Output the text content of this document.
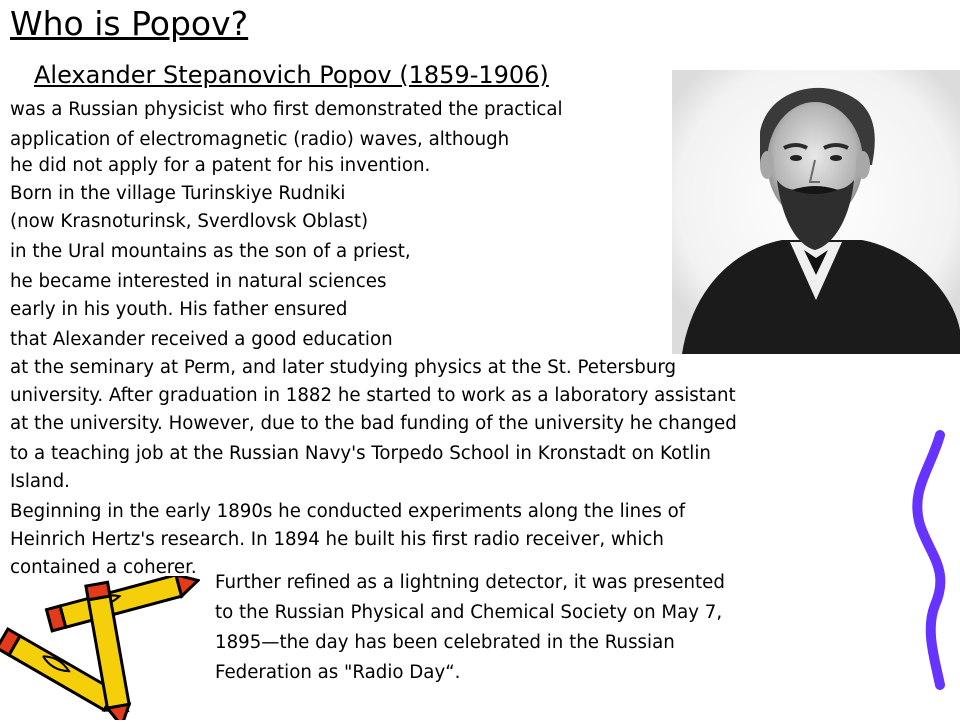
Who is Popov?
Alexander Stepanovich Popov (1859-1906)
was a Russian physicist who first demonstrated the practical
application of electromagnetic (radio) waves, although
he did not apply for a patent for his invention.
Born in the village Turinskiye Rudniki
(now Krasnoturinsk, Sverdlovsk Oblast)
in the Ural mountains as the son of a priest,
he became interested in natural sciences
early in his youth. His father ensured
that Alexander received a good education
at the seminary at Perm, and later studying physics at the St. Petersburg
university. After graduation in 1882 he started to work as a laboratory assistant
at the university. However, due to the bad funding of the university he changed
to a teaching job at the Russian Navy's Torpedo School in Kronstadt on Kotlin
Island.
Beginning in the early 1890s he conducted experiments along the lines of
Heinrich Hertz's research. In 1894 he built his first radio receiver, which
contained a coherer.
Further refined as a lightning detector, it was presented
to the Russian Physical and Chemical Society on May 7,
1895—the day has been celebrated in the Russian
Federation as "Radio Day“.
